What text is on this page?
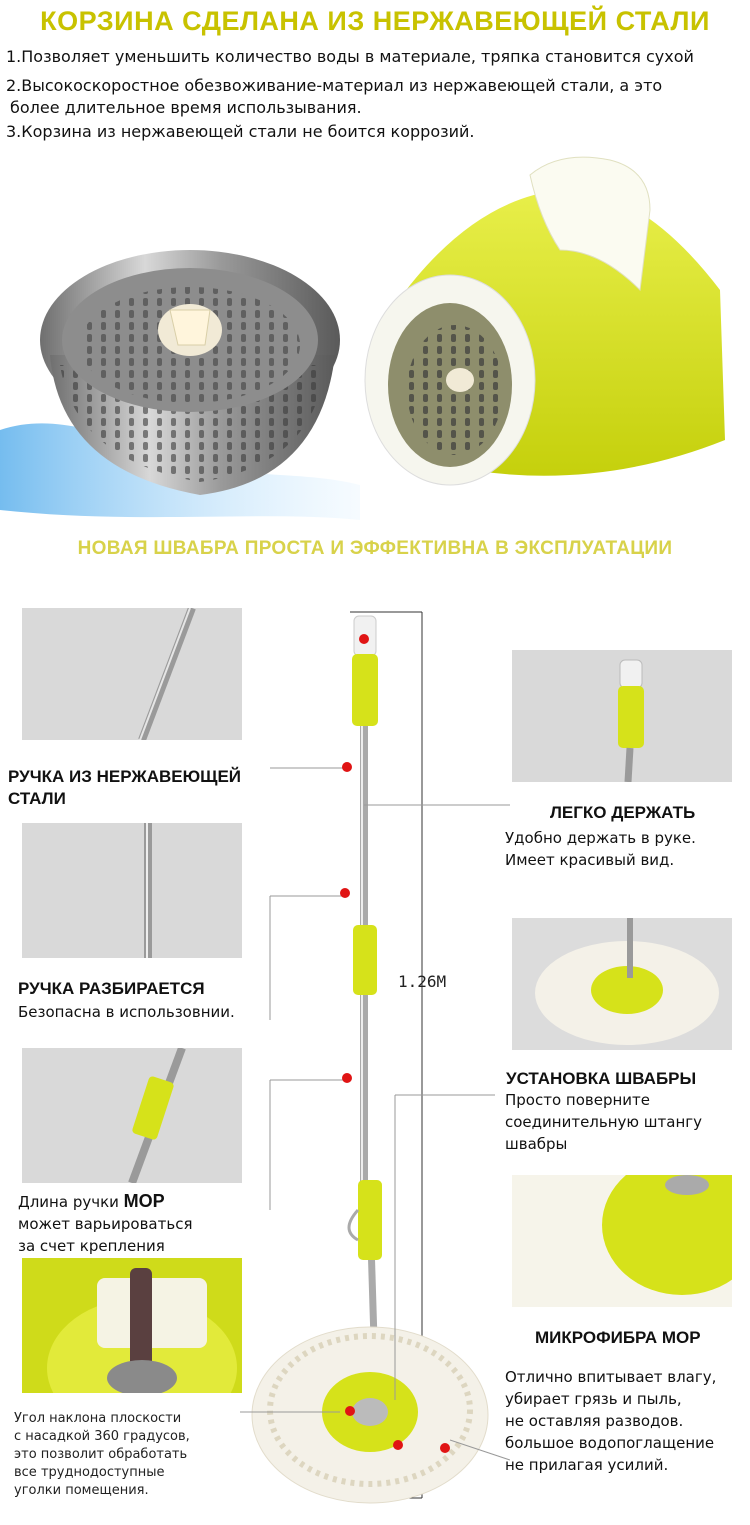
КОРЗИНА СДЕЛАНА ИЗ НЕРЖАВЕЮЩЕЙ СТАЛИ
1.Позволяет уменьшить количество воды в материале, тряпка становится сухой
2.Высокоскоростное обезвоживание-материал из нержавеющей стали, а это
более длительное время использывания.
3.Корзина из нержавеющей стали не боится коррозий.
НОВАЯ ШВАБРА ПРОСТА И ЭФФЕКТИВНА В ЭКСПЛУАТАЦИИ
РУЧКА ИЗ НЕРЖАВЕЮЩЕЙ
СТАЛИ
РУЧКА РАЗБИРАЕТСЯ
Безопасна в использовнии.
Длина ручки MOP
может варьироваться
за счет крепления
Угол наклона плоскости
с насадкой 360 градусов,
это позволит обработать
все труднодоступные
уголки помещения.
1.26M
ЛЕГКО ДЕРЖАТЬ
Удобно держать в руке.
Имеет красивый вид.
УСТАНОВКА ШВАБРЫ
Просто поверните
соединительную штангу
швабры
МИКРОФИБРА MOP
Отлично впитывает влагу,
убирает грязь и пыль,
не оставляя разводов.
большое водопоглащение
не прилагая усилий.
